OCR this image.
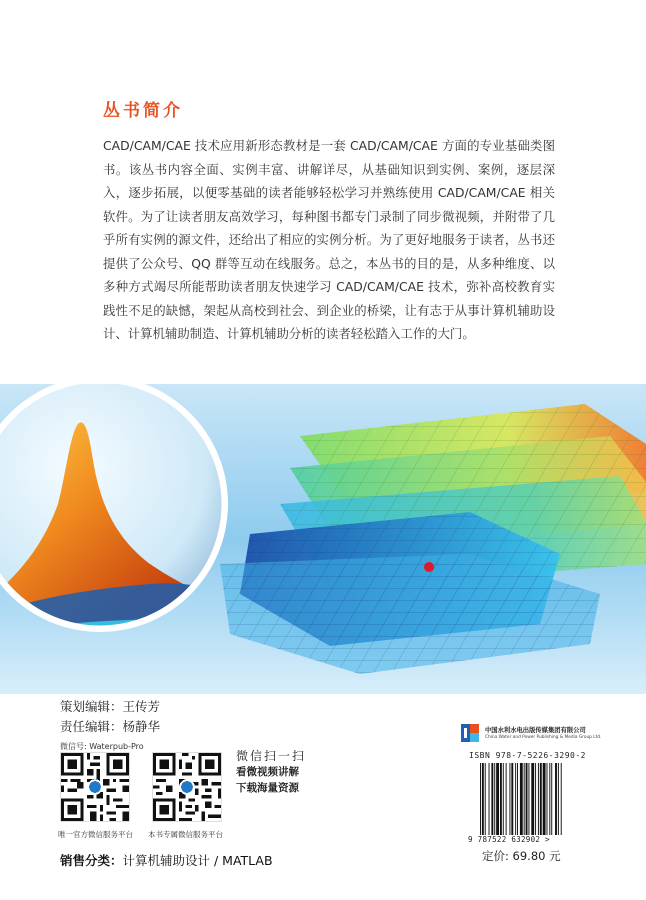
丛书简介

CAD/CAM/CAE 技术应用新形态教材是一套 CAD/CAM/CAE 方面的专业基础类图书。该丛书内容全面、实例丰富、讲解详尽，从基础知识到实例、案例，逐层深入，逐步拓展，以便零基础的读者能够轻松学习并熟练使用 CAD/CAM/CAE 相关软件。为了让读者朋友高效学习，每种图书都专门录制了同步微视频，并附带了几乎所有实例的源文件，还给出了相应的实例分析。为了更好地服务于读者，丛书还提供了公众号、QQ 群等互动在线服务。总之，本丛书的目的是，从多种维度、以多种方式竭尽所能帮助读者朋友快速学习 CAD/CAM/CAE 技术，弥补高校教育实践性不足的缺憾，架起从高校到社会、到企业的桥梁，让有志于从事计算机辅助设计、计算机辅助制造、计算机辅助分析的读者轻松踏入工作的大门。

策划编辑：王传芳
责任编辑：杨静华
微信号: Waterpub-Pro
唯一官方微信服务平台 本书专属微信服务平台
微信扫一扫
看微视频讲解
下载海量资源
中国水利水电出版传媒集团有限公司
China Water and Power Publishing & Media Group Ltd.
ISBN 978-7-5226-3290-2
9 787522 632902 >
定价: 69.80 元
销售分类：计算机辅助设计 / MATLAB
